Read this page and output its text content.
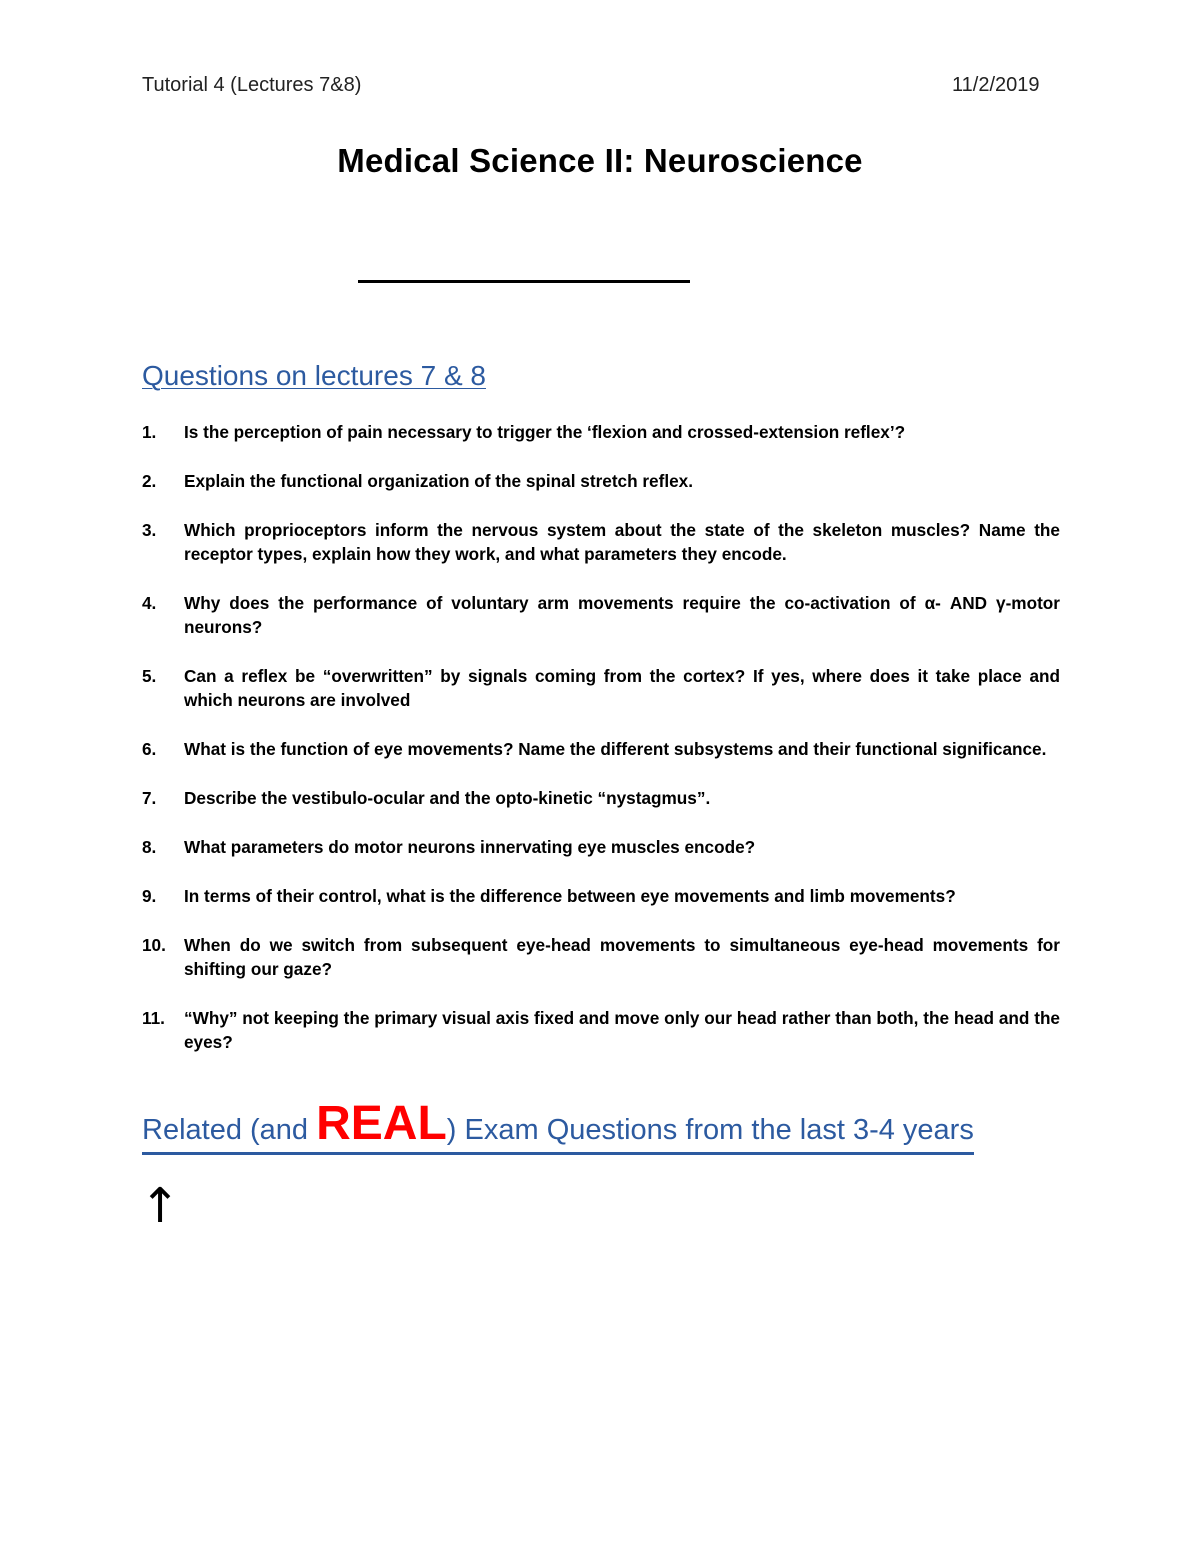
Tutorial 4 (Lectures 7&8)	11/2/2019
Medical Science II: Neuroscience
Questions on lectures 7 & 8
1.	Is the perception of pain necessary to trigger the ‘flexion and crossed-extension reflex’?
2.	Explain the functional organization of the spinal stretch reflex.
3.	Which proprioceptors inform the nervous system about the state of the skeleton muscles? Name the receptor types, explain how they work, and what parameters they encode.
4.	Why does the performance of voluntary arm movements require the co-activation of α- AND γ-motor neurons?
5.	Can a reflex be “overwritten” by signals coming from the cortex? If yes, where does it take place and which neurons are involved
6.	What is the function of eye movements? Name the different subsystems and their functional significance.
7.	Describe the vestibulo-ocular and the opto-kinetic “nystagmus”.
8.	What parameters do motor neurons innervating eye muscles encode?
9.	In terms of their control, what is the difference between eye movements and limb movements?
10.	When do we switch from subsequent eye-head movements to simultaneous eye-head movements for shifting our gaze?
11.	“Why” not keeping the primary visual axis fixed and move only our head rather than both, the head and the eyes?
Related (and REAL) Exam Questions from the last 3-4 years
↑
